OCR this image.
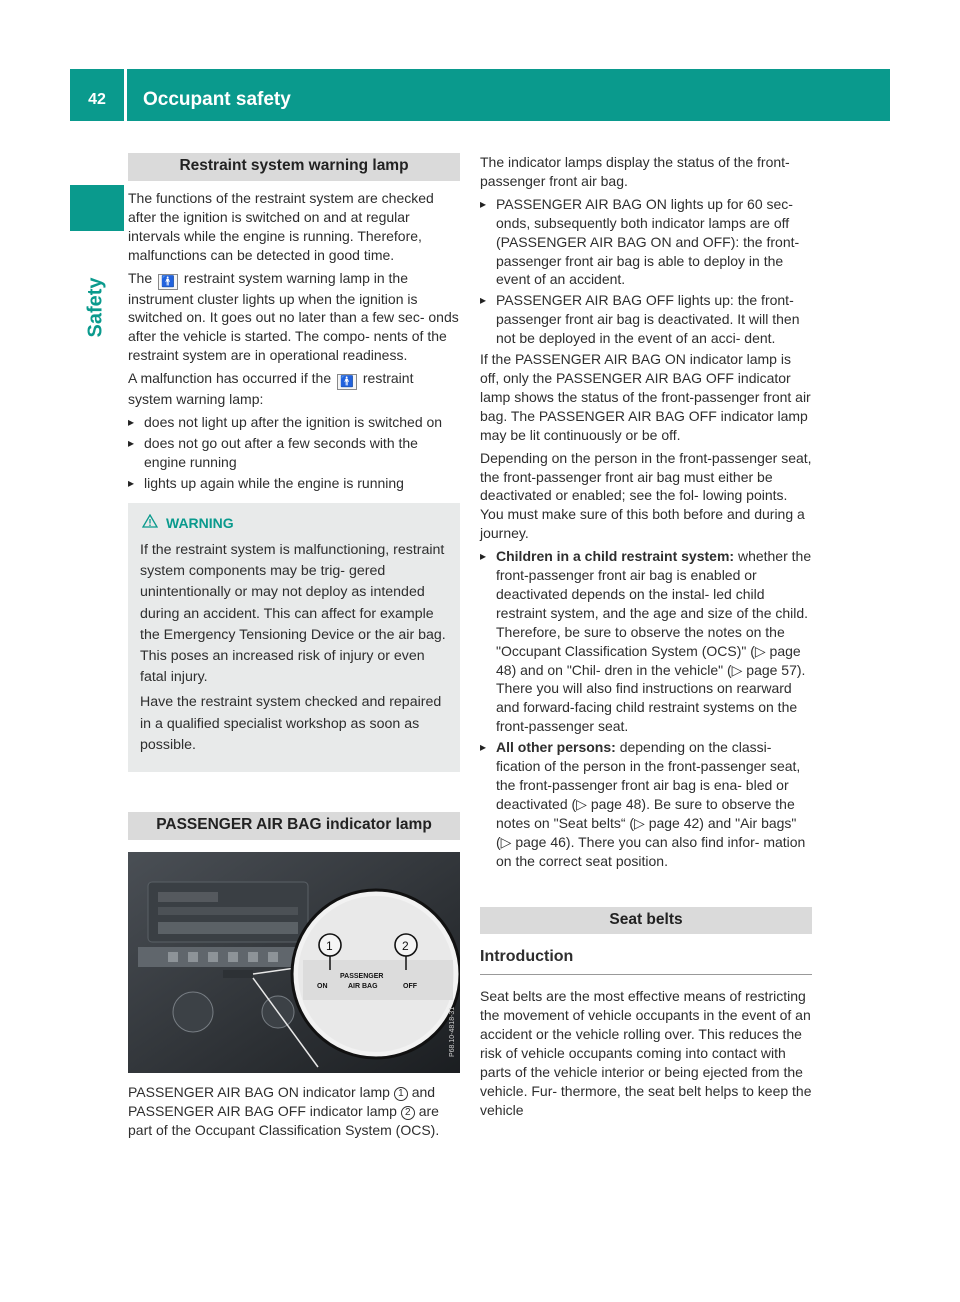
42	Occupant safety
Safety
Restraint system warning lamp

The functions of the restraint system are checked after the ignition is switched on and at regular intervals while the engine is running. Therefore, malfunctions can be detected in good time.

The 🚹 restraint system warning lamp in the instrument cluster lights up when the ignition is switched on. It goes out no later than a few sec- onds after the vehicle is started. The compo- nents of the restraint system are in operational readiness.

A malfunction has occurred if the 🚹 restraint system warning lamp:

▸ does not light up after the ignition is switched on
▸ does not go out after a few seconds with the engine running
▸ lights up again while the engine is running
WARNING

If the restraint system is malfunctioning, restraint system components may be trig- gered unintentionally or may not deploy as intended during an accident. This can affect for example the Emergency Tensioning Device or the air bag. This poses an increased risk of injury or even fatal injury.

Have the restraint system checked and repaired in a qualified specialist workshop as soon as possible.

PASSENGER AIR BAG indicator lamp
PASSENGER
AIR BAG
ON	OFF
1	2
P68.10-4818-31

PASSENGER AIR BAG ON indicator lamp 1 and PASSENGER AIR BAG OFF indicator lamp 2 are part of the Occupant Classification System (OCS).

The indicator lamps display the status of the front-passenger front air bag.

▸ PASSENGER AIR BAG ON lights up for 60 sec- onds, subsequently both indicator lamps are off (PASSENGER AIR BAG ON and OFF): the front-passenger front air bag is able to deploy in the event of an accident.
▸ PASSENGER AIR BAG OFF lights up: the front- passenger front air bag is deactivated. It will then not be deployed in the event of an acci- dent.

If the PASSENGER AIR BAG ON indicator lamp is off, only the PASSENGER AIR BAG OFF indicator lamp shows the status of the front-passenger front air bag. The PASSENGER AIR BAG OFF indicator lamp may be lit continuously or be off.

Depending on the person in the front-passenger seat, the front-passenger front air bag must either be deactivated or enabled; see the fol- lowing points. You must make sure of this both before and during a journey.

▸ Children in a child restraint system: whether the front-passenger front air bag is enabled or deactivated depends on the instal- led child restraint system, and the age and size of the child. Therefore, be sure to observe the notes on the "Occupant Classification System (OCS)" (▷ page 48) and on "Chil- dren in the vehicle" (▷ page 57). There you will also find instructions on rearward and forward-facing child restraint systems on the front-passenger seat.
▸ All other persons: depending on the classi- fication of the person in the front-passenger seat, the front-passenger front air bag is ena- bled or deactivated (▷ page 48). Be sure to observe the notes on "Seat belts“ (▷ page 42) and "Air bags" (▷ page 46). There you can also find infor- mation on the correct seat position.
Seat belts
Introduction

Seat belts are the most effective means of restricting the movement of vehicle occupants in the event of an accident or the vehicle rolling over. This reduces the risk of vehicle occupants coming into contact with parts of the vehicle interior or being ejected from the vehicle. Fur- thermore, the seat belt helps to keep the vehicle
